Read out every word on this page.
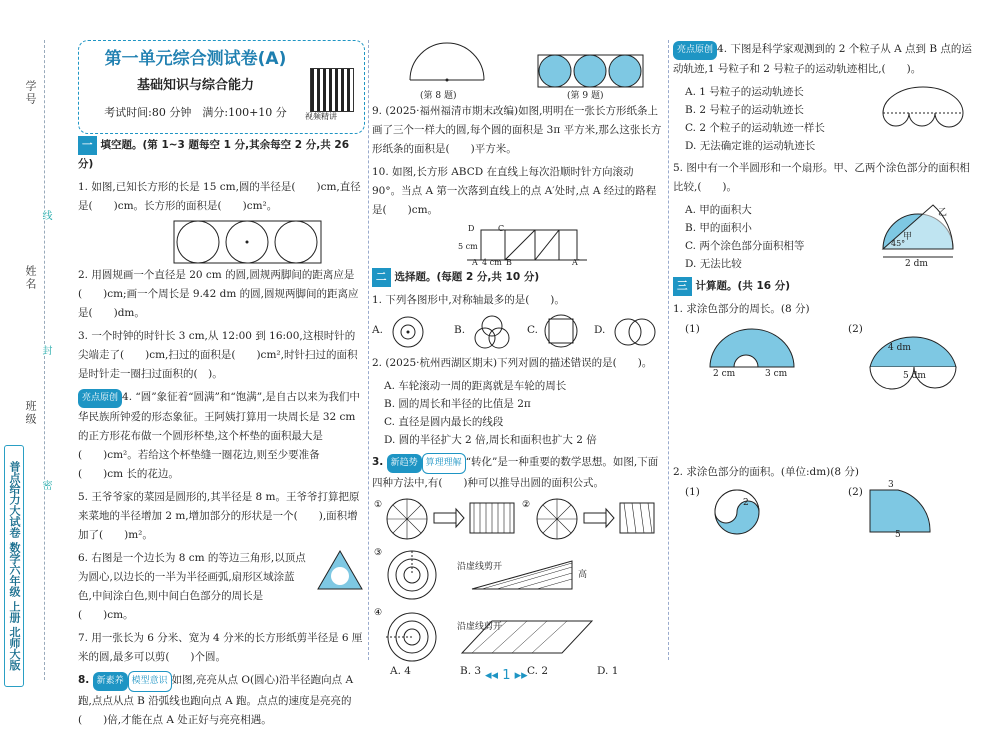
学号
姓名
班级
线
封
密
普点给力大试卷 数学六年级 上册 北师大版
第一单元综合测试卷(A)
基础知识与综合能力
考试时间:80 分钟　满分:100+10 分	视频精讲
一 填空题。(第 1~3 题每空 1 分,其余每空 2 分,共 26 分)
1. 如图,已知长方形的长是 15 cm,圆的半径是(　　)cm,直径是(　　)cm。长方形的面积是(　　)cm²。
2. 用圆规画一个直径是 20 cm 的圆,圆规两脚间的距离应是(　　)cm;画一个周长是 9.42 dm 的圆,圆规两脚间的距离应是(　　)dm。
3. 一个时钟的时针长 3 cm,从 12:00 到 16:00,这根时针的尖端走了(　　)cm,扫过的面积是(　　)cm²,时针扫过的面积是时针走一圈扫过面积的(　)。
亮点原创 4. “圆”象征着“圆满”和“饱满”,是自古以来为我们中华民族所钟爱的形态象征。王阿姨打算用一块周长是 32 cm 的正方形花布做一个圆形杯垫,这个杯垫的面积最大是(　　)cm²。若给这个杯垫缝一圈花边,则至少要准备(　　)cm 长的花边。
5. 王爷爷家的菜园是圆形的,其半径是 8 m。王爷爷打算把原来菜地的半径增加 2 m,增加部分的形状是一个(　　),面积增加了(　　)m²。
6. 右图是一个边长为 8 cm 的等边三角形,以顶点为圆心,以边长的一半为半径画弧,扇形区域涂蓝色,中间涂白色,则中间白色部分的周长是(　　)cm。
7. 用一张长为 6 分米、宽为 4 分米的长方形纸剪半径是 6 厘米的圆,最多可以剪(　　)个圆。
8. 新素养 模型意识 如图,亮亮从点 O(圆心)沿半径跑向点 A 跑,点点从点 B 沿弧线也跑向点 A 跑。点点的速度是亮亮的(　　)倍,才能在点 A 处正好与亮亮相遇。
(第 8 题)	(第 9 题)
9. (2025·福州福清市期末改编)如图,明明在一张长方形纸条上画了三个一样大的圆,每个圆的面积是 3π 平方米,那么这张长方形纸条的面积是(　　)平方米。
10. 如图,长方形 ABCD 在直线上每次沿顺时针方向滚动 90°。当点 A 第一次落到直线上的点 A′处时,点 A 经过的路程是(　　)cm。
D	C
5 cm
A 4 cm B	A′
二 选择题。(每题 2 分,共 10 分)
1. 下列各图形中,对称轴最多的是(　　)。
A.	B.	C.	D.
2. (2025·杭州西湖区期末)下列对圆的描述错误的是(　　)。
A. 车轮滚动一周的距离就是车轮的周长
B. 圆的周长和半径的比值是 2π
C. 直径是圆内最长的线段
D. 圆的半径扩大 2 倍,周长和面积也扩大 2 倍
3. 新趋势 算理理解 “转化”是一种重要的数学思想。如图,下面四种方法中,有(　　)种可以推导出圆的面积公式。
①	②
③
④
沿虚线剪开
高
沿虚线剪开
A. 4	B. 3	C. 2	D. 1
亮点原创 4. 下图是科学家观测到的 2 个粒子从 A 点到 B 点的运动轨迹,1 号粒子和 2 号粒子的运动轨迹相比,(　　)。
A. 1 号粒子的运动轨迹长
B. 2 号粒子的运动轨迹长
C. 2 个粒子的运动轨迹一样长
D. 无法确定谁的运动轨迹长
5. 图中有一个半圆形和一个扇形。甲、乙两个涂色部分的面积相比较,(　　)。
A. 甲的面积大
B. 甲的面积小
C. 两个涂色部分面积相等
D. 无法比较
乙
甲
45°
2 dm
三 计算题。(共 16 分)
1. 求涂色部分的周长。(8 分)
(1)
2 cm	3 cm
(2)
4 dm
5 dm
2. 求涂色部分的面积。(单位:dm)(8 分)
(1)
2
(2)
3
5
◂◂ 1 ▸▸
